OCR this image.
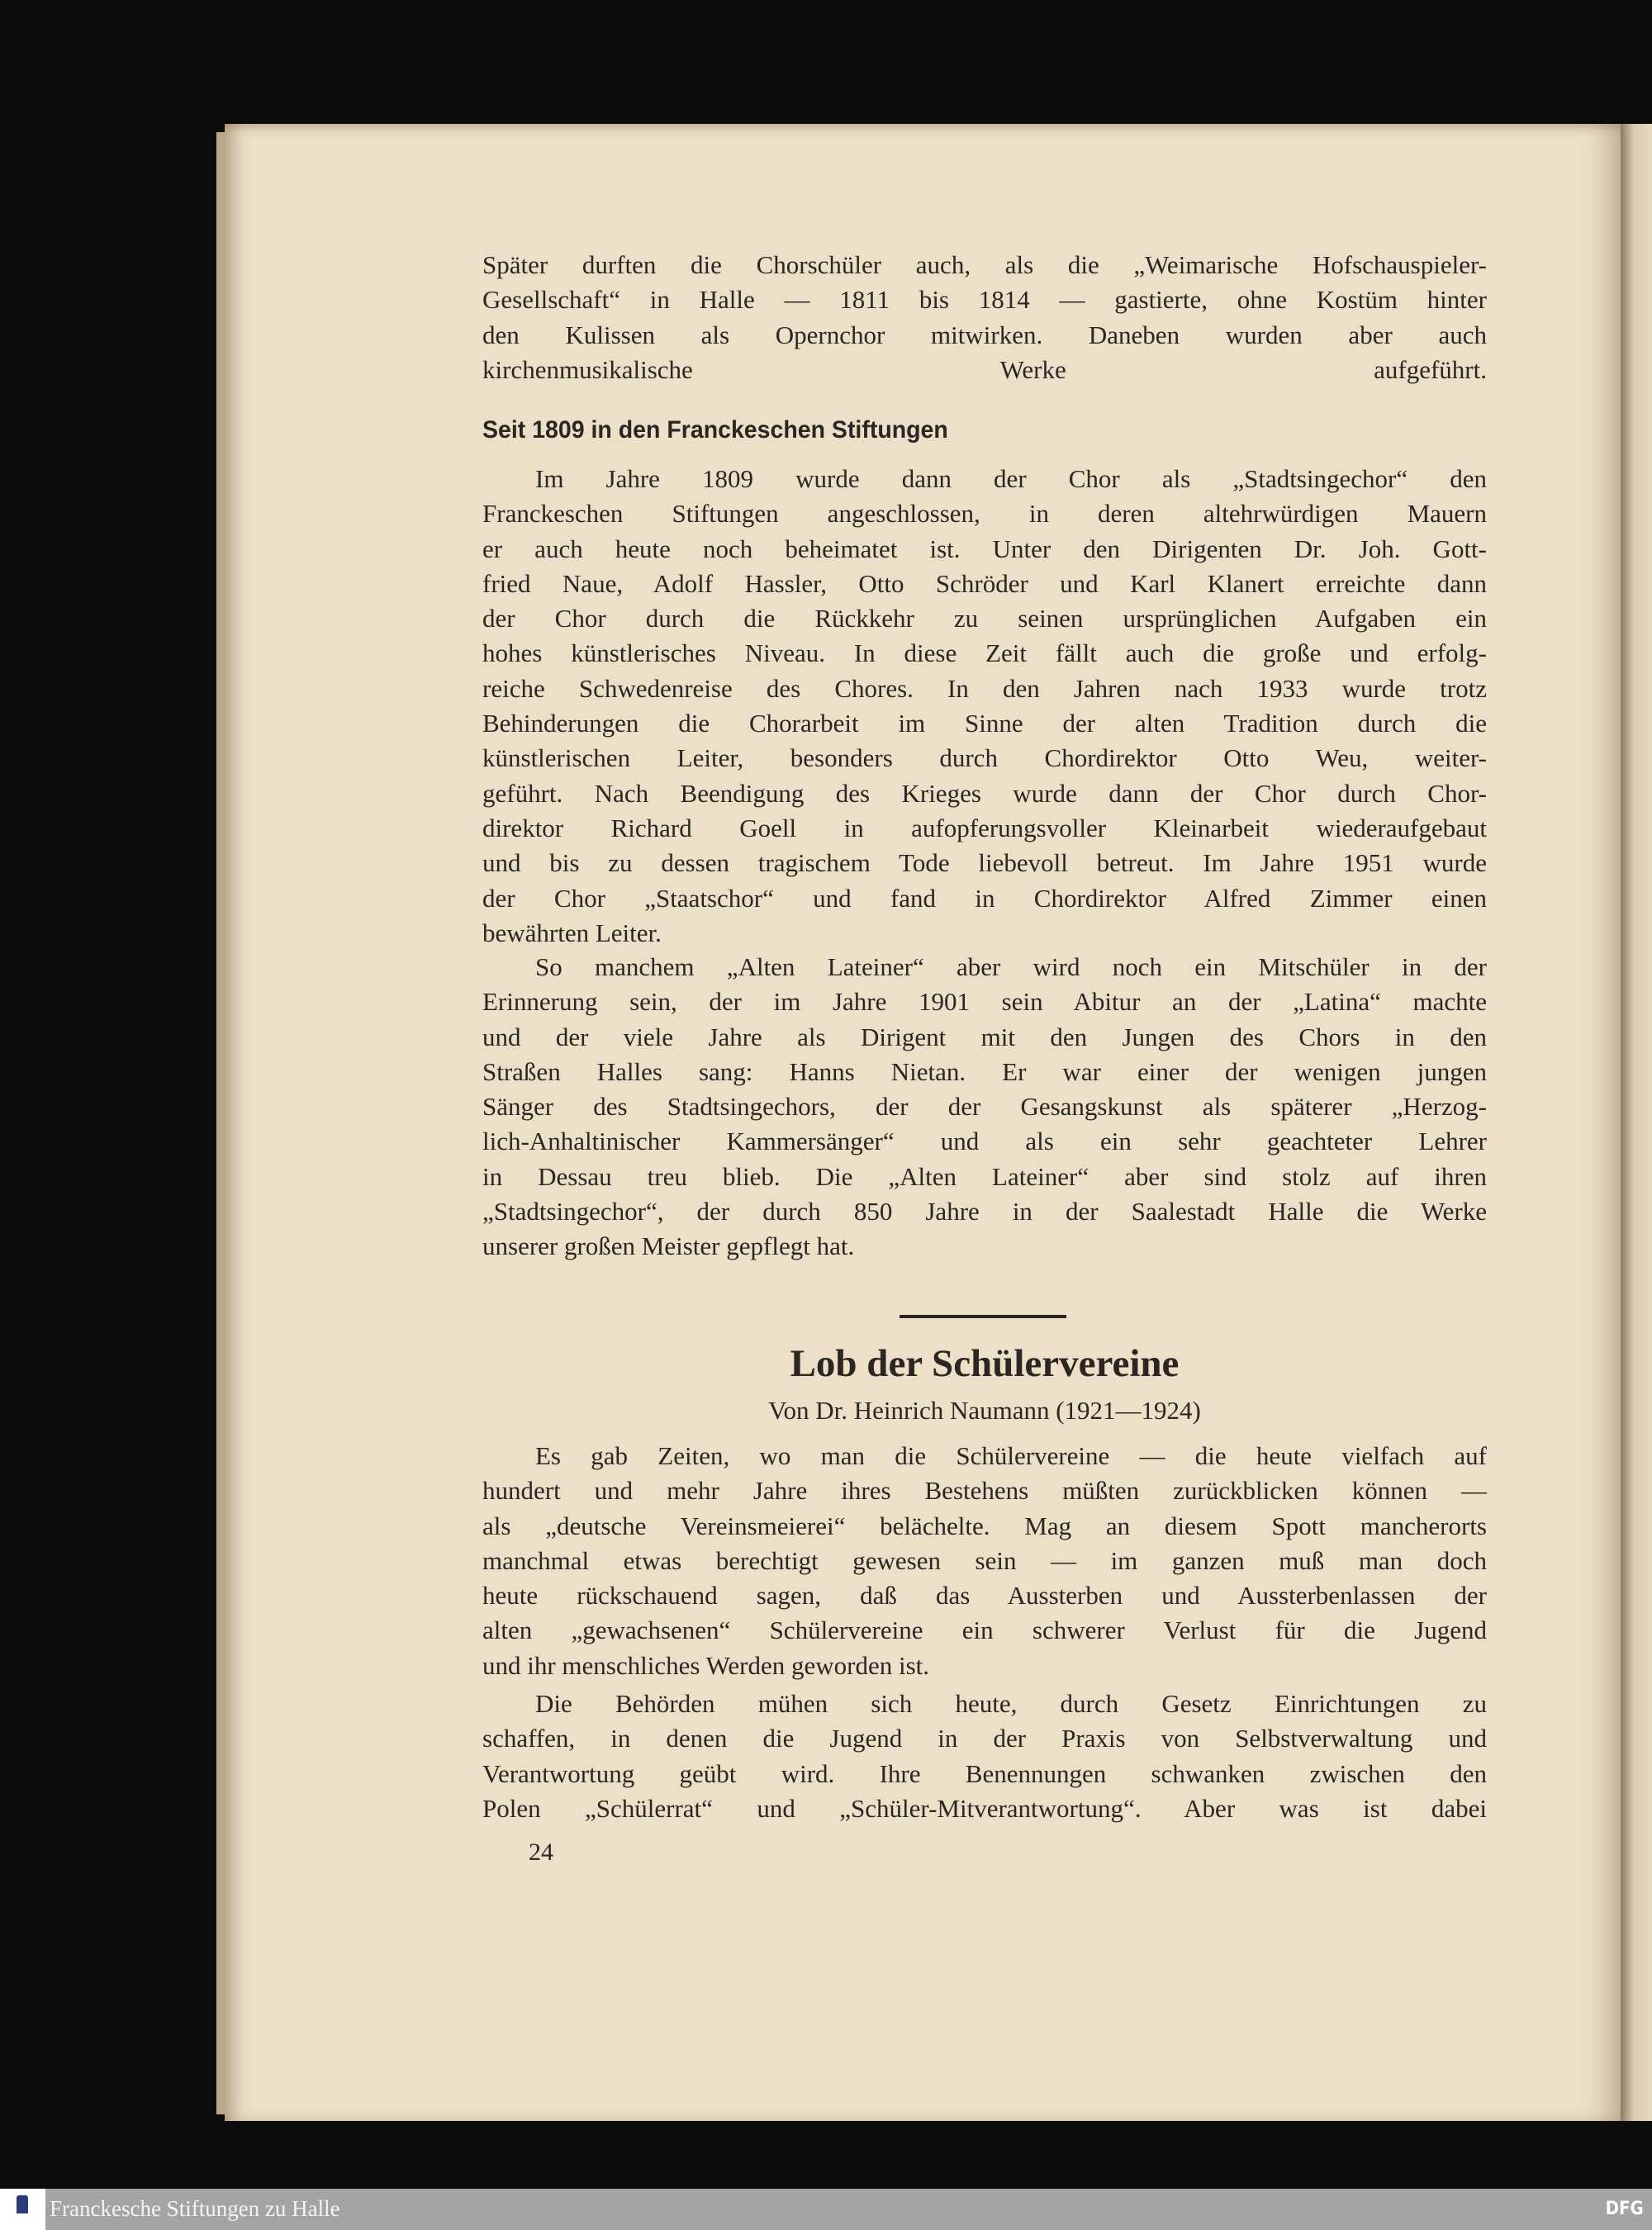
Später durften die Chorschüler auch, als die „Weimarische Hofschauspieler-
Gesellschaft“ in Halle — 1811 bis 1814 — gastierte, ohne Kostüm hinter
den Kulissen als Opernchor mitwirken. Daneben wurden aber auch
kirchenmusikalische Werke aufgeführt.
Seit 1809 in den Franckeschen Stiftungen
Im Jahre 1809 wurde dann der Chor als „Stadtsingechor“ den
Franckeschen Stiftungen angeschlossen, in deren altehrwürdigen Mauern
er auch heute noch beheimatet ist. Unter den Dirigenten Dr. Joh. Gott-
fried Naue, Adolf Hassler, Otto Schröder und Karl Klanert erreichte dann
der Chor durch die Rückkehr zu seinen ursprünglichen Aufgaben ein
hohes künstlerisches Niveau. In diese Zeit fällt auch die große und erfolg-
reiche Schwedenreise des Chores. In den Jahren nach 1933 wurde trotz
Behinderungen die Chorarbeit im Sinne der alten Tradition durch die
künstlerischen Leiter, besonders durch Chordirektor Otto Weu, weiter-
geführt. Nach Beendigung des Krieges wurde dann der Chor durch Chor-
direktor Richard Goell in aufopferungsvoller Kleinarbeit wiederaufgebaut
und bis zu dessen tragischem Tode liebevoll betreut. Im Jahre 1951 wurde
der Chor „Staatschor“ und fand in Chordirektor Alfred Zimmer einen
bewährten Leiter.
So manchem „Alten Lateiner“ aber wird noch ein Mitschüler in der
Erinnerung sein, der im Jahre 1901 sein Abitur an der „Latina“ machte
und der viele Jahre als Dirigent mit den Jungen des Chors in den
Straßen Halles sang: Hanns Nietan. Er war einer der wenigen jungen
Sänger des Stadtsingechors, der der Gesangskunst als späterer „Herzog-
lich-Anhaltinischer Kammersänger“ und als ein sehr geachteter Lehrer
in Dessau treu blieb. Die „Alten Lateiner“ aber sind stolz auf ihren
„Stadtsingechor“, der durch 850 Jahre in der Saalestadt Halle die Werke
unserer großen Meister gepflegt hat.
Lob der Schülervereine
Von Dr. Heinrich Naumann (1921—1924)
Es gab Zeiten, wo man die Schülervereine — die heute vielfach auf
hundert und mehr Jahre ihres Bestehens müßten zurückblicken können —
als „deutsche Vereinsmeierei“ belächelte. Mag an diesem Spott mancherorts
manchmal etwas berechtigt gewesen sein — im ganzen muß man doch
heute rückschauend sagen, daß das Aussterben und Aussterbenlassen der
alten „gewachsenen“ Schülervereine ein schwerer Verlust für die Jugend
und ihr menschliches Werden geworden ist.
Die Behörden mühen sich heute, durch Gesetz Einrichtungen zu
schaffen, in denen die Jugend in der Praxis von Selbstverwaltung und
Verantwortung geübt wird. Ihre Benennungen schwanken zwischen den
Polen „Schülerrat“ und „Schüler-Mitverantwortung“. Aber was ist dabei
24
Franckesche Stiftungen zu Halle	DFG
